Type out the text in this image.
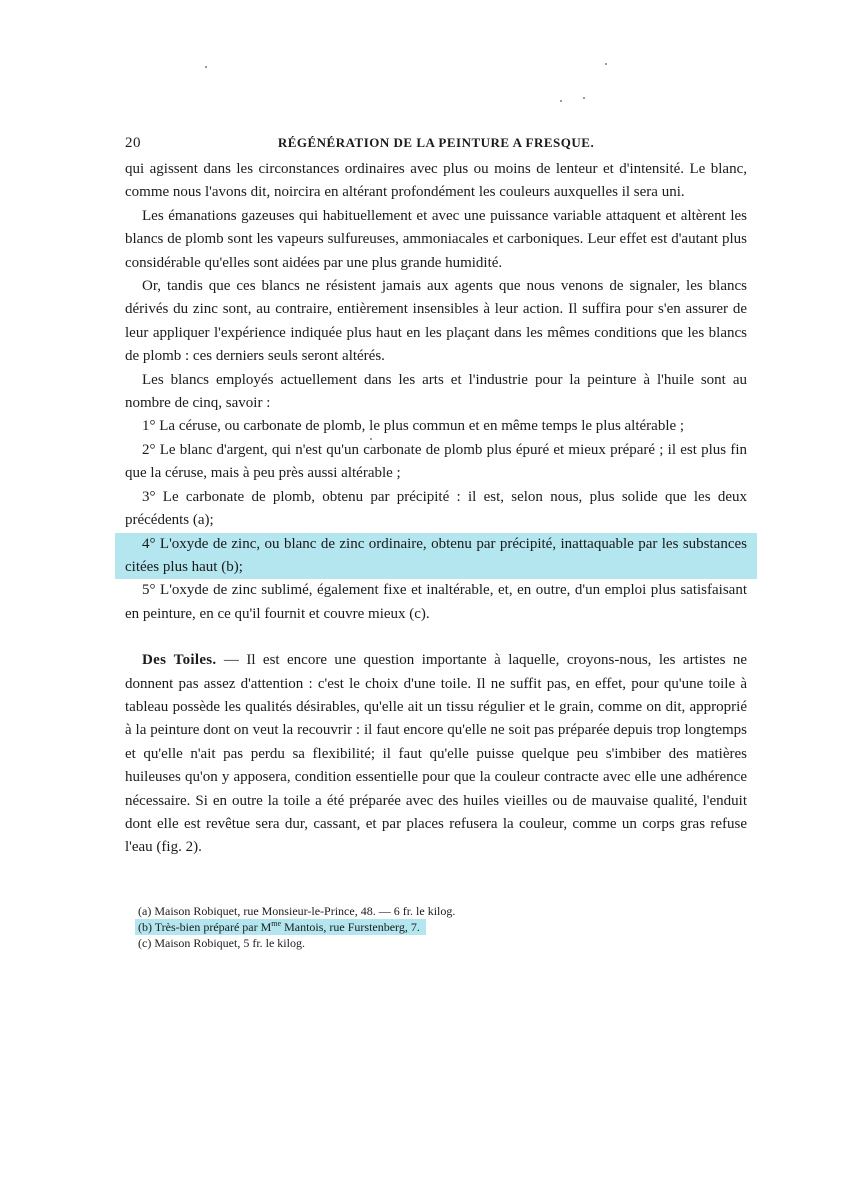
20	RÉGÉNÉRATION DE LA PEINTURE A FRESQUE.

qui agissent dans les circonstances ordinaires avec plus ou moins de lenteur et d'intensité. Le blanc, comme nous l'avons dit, noircira en altérant profondément les couleurs auxquelles il sera uni.

Les émanations gazeuses qui habituellement et avec une puissance variable attaquent et altèrent les blancs de plomb sont les vapeurs sulfureuses, ammoniacales et carboniques. Leur effet est d'autant plus considérable qu'elles sont aidées par une plus grande humidité.

Or, tandis que ces blancs ne résistent jamais aux agents que nous venons de signaler, les blancs dérivés du zinc sont, au contraire, entièrement insensibles à leur action. Il suffira pour s'en assurer de leur appliquer l'expérience indiquée plus haut en les plaçant dans les mêmes conditions que les blancs de plomb : ces derniers seuls seront altérés.

Les blancs employés actuellement dans les arts et l'industrie pour la peinture à l'huile sont au nombre de cinq, savoir :

1° La céruse, ou carbonate de plomb, le plus commun et en même temps le plus altérable ;

2° Le blanc d'argent, qui n'est qu'un carbonate de plomb plus épuré et mieux préparé ; il est plus fin que la céruse, mais à peu près aussi altérable ;

3° Le carbonate de plomb, obtenu par précipité : il est, selon nous, plus solide que les deux précédents (a);

4° L'oxyde de zinc, ou blanc de zinc ordinaire, obtenu par précipité, inattaquable par les substances citées plus haut (b);

5° L'oxyde de zinc sublimé, également fixe et inaltérable, et, en outre, d'un emploi plus satisfaisant en peinture, en ce qu'il fournit et couvre mieux (c).

Des Toiles. — Il est encore une question importante à laquelle, croyons-nous, les artistes ne donnent pas assez d'attention : c'est le choix d'une toile. Il ne suffit pas, en effet, pour qu'une toile à tableau possède les qualités désirables, qu'elle ait un tissu régulier et le grain, comme on dit, approprié à la peinture dont on veut la recouvrir : il faut encore qu'elle ne soit pas préparée depuis trop longtemps et qu'elle n'ait pas perdu sa flexibilité; il faut qu'elle puisse quelque peu s'imbiber des matières huileuses qu'on y apposera, condition essentielle pour que la couleur contracte avec elle une adhérence nécessaire. Si en outre la toile a été préparée avec des huiles vieilles ou de mauvaise qualité, l'enduit dont elle est revêtue sera dur, cassant, et par places refusera la couleur, comme un corps gras refuse l'eau (fig. 2).

(a) Maison Robiquet, rue Monsieur-le-Prince, 48. — 6 fr. le kilog.

(b) Très-bien préparé par $M^{me}$ Mantois, rue Furstenberg, 7.

(c) Maison Robiquet, 5 fr. le kilog.
